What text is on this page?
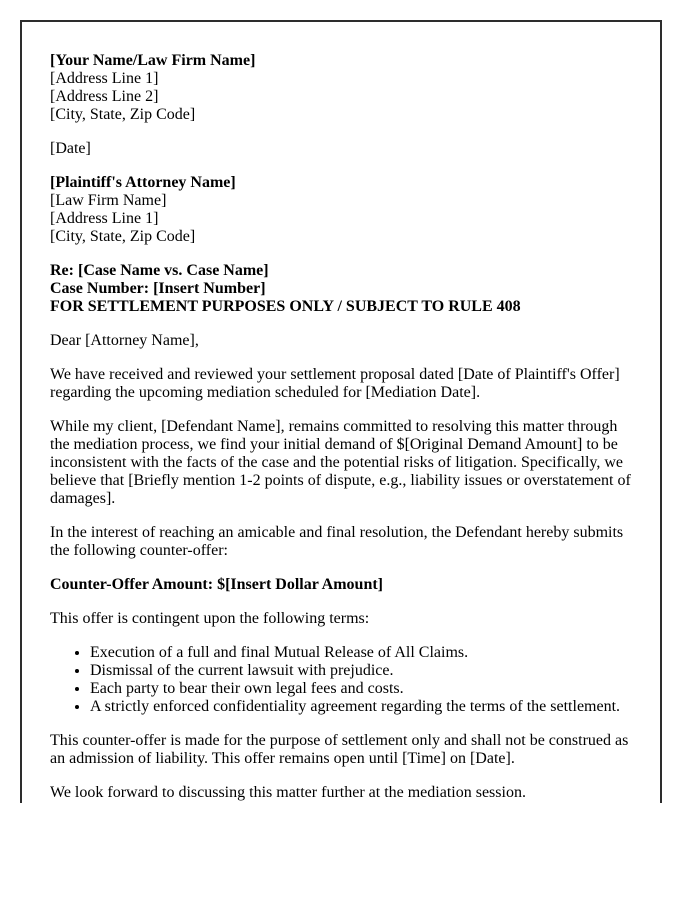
[Your Name/Law Firm Name]
[Address Line 1]
[Address Line 2]
[City, State, Zip Code]

[Date]

[Plaintiff's Attorney Name]
[Law Firm Name]
[Address Line 1]
[City, State, Zip Code]

Re: [Case Name vs. Case Name]
Case Number: [Insert Number]
FOR SETTLEMENT PURPOSES ONLY / SUBJECT TO RULE 408

Dear [Attorney Name],

We have received and reviewed your settlement proposal dated [Date of Plaintiff's Offer] regarding the upcoming mediation scheduled for [Mediation Date].

While my client, [Defendant Name], remains committed to resolving this matter through the mediation process, we find your initial demand of $[Original Demand Amount] to be inconsistent with the facts of the case and the potential risks of litigation. Specifically, we believe that [Briefly mention 1-2 points of dispute, e.g., liability issues or overstatement of damages].

In the interest of reaching an amicable and final resolution, the Defendant hereby submits the following counter-offer:

Counter-Offer Amount: $[Insert Dollar Amount]

This offer is contingent upon the following terms:

• Execution of a full and final Mutual Release of All Claims.
• Dismissal of the current lawsuit with prejudice.
• Each party to bear their own legal fees and costs.
• A strictly enforced confidentiality agreement regarding the terms of the settlement.

This counter-offer is made for the purpose of settlement only and shall not be construed as an admission of liability. This offer remains open until [Time] on [Date].

We look forward to discussing this matter further at the mediation session.
